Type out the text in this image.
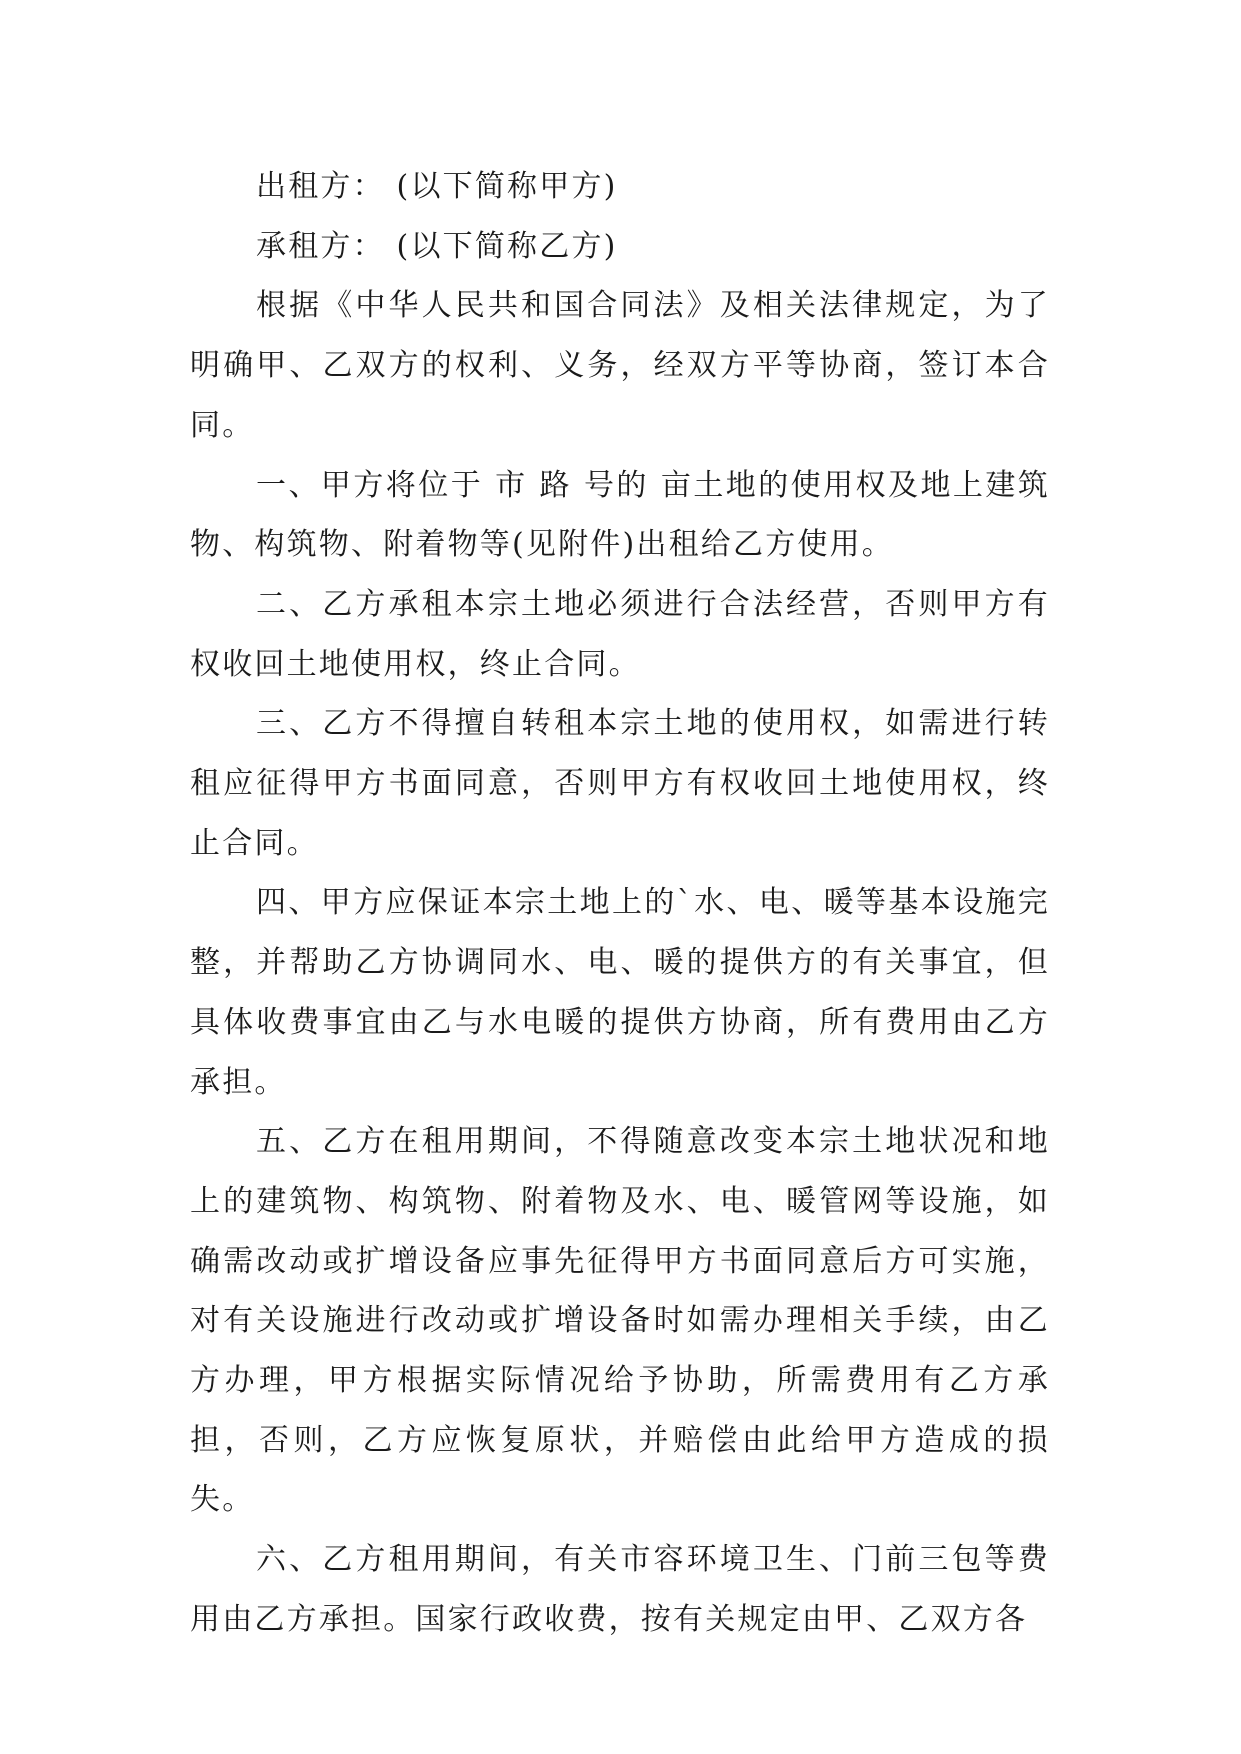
出租方： (以下简称甲方)

承租方： (以下简称乙方)

根据《中华人民共和国合同法》及相关法律规定，为了明确甲、乙双方的权利、义务，经双方平等协商，签订本合同。

一、甲方将位于 市 路 号的 亩土地的使用权及地上建筑物、构筑物、附着物等(见附件)出租给乙方使用。

二、乙方承租本宗土地必须进行合法经营，否则甲方有权收回土地使用权，终止合同。

三、乙方不得擅自转租本宗土地的使用权，如需进行转租应征得甲方书面同意，否则甲方有权收回土地使用权，终止合同。

四、甲方应保证本宗土地上的`水、电、暖等基本设施完整，并帮助乙方协调同水、电、暖的提供方的有关事宜，但具体收费事宜由乙与水电暖的提供方协商，所有费用由乙方承担。

五、乙方在租用期间，不得随意改变本宗土地状况和地上的建筑物、构筑物、附着物及水、电、暖管网等设施，如确需改动或扩增设备应事先征得甲方书面同意后方可实施，对有关设施进行改动或扩增设备时如需办理相关手续，由乙方办理，甲方根据实际情况给予协助，所需费用有乙方承担，否则，乙方应恢复原状，并赔偿由此给甲方造成的损失。

六、乙方租用期间，有关市容环境卫生、门前三包等费用由乙方承担。国家行政收费，按有关规定由甲、乙双方各
